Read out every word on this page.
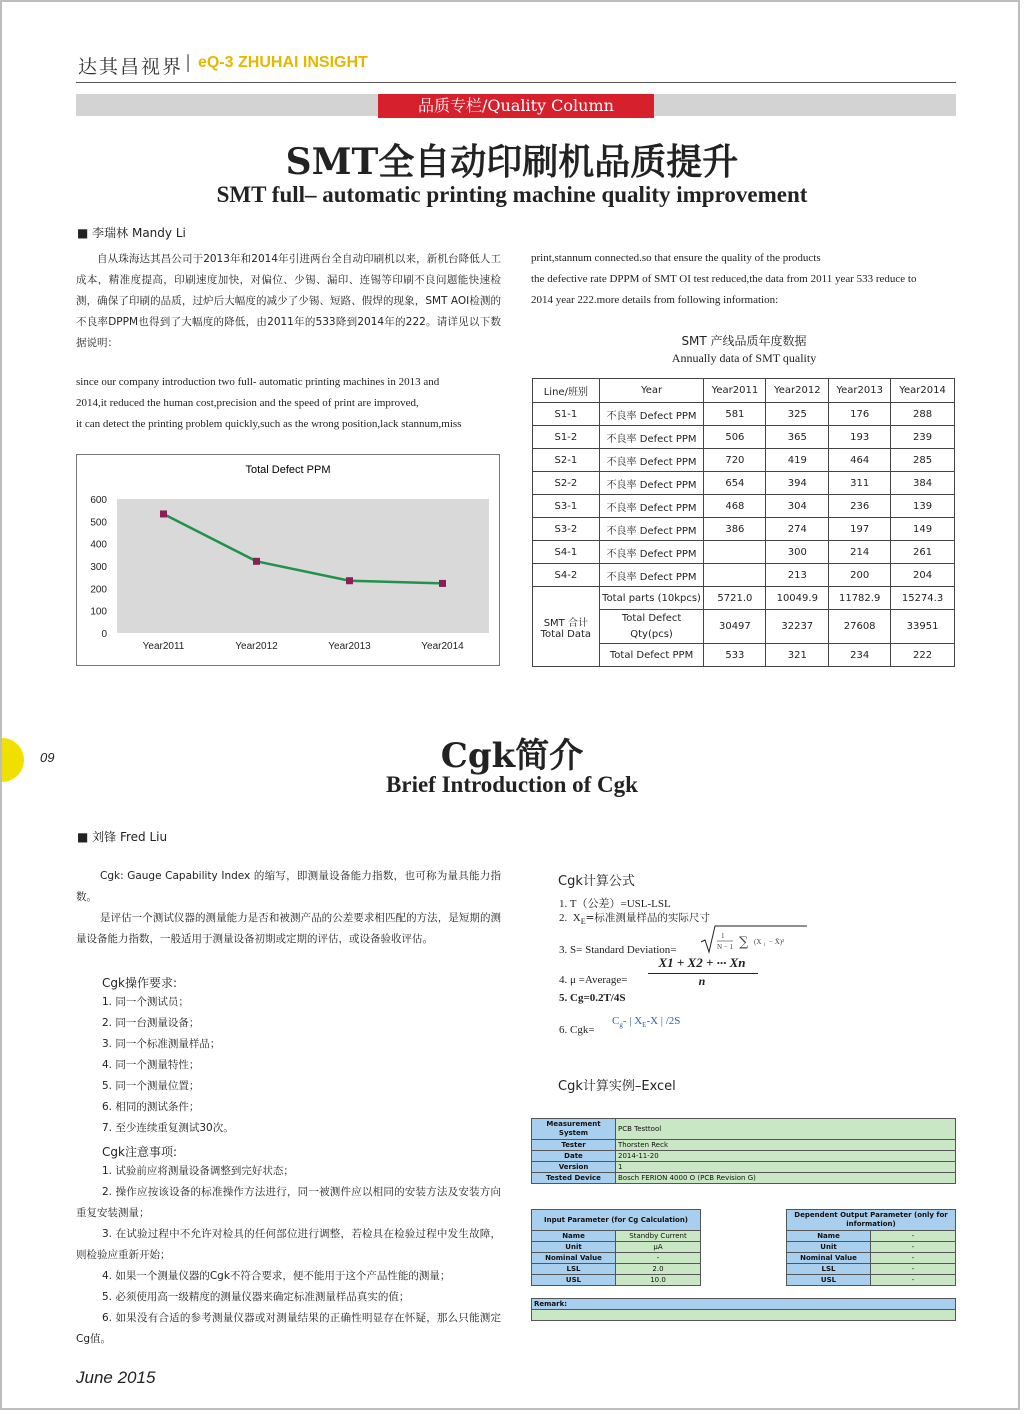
达其昌视界 | eQ-3 ZHUHAI INSIGHT
品质专栏/Quality Column
SMT全自动印刷机品质提升
SMT full– automatic printing machine quality improvement
■ 李瑞林 Mandy Li
自从珠海达其昌公司于2013年和2014年引进两台全自动印刷机以来，新机台降低人工成本，精准度提高，印刷速度加快，对偏位、少锡、漏印、连锡等印刷不良问题能快速检测，确保了印刷的品质，过炉后大幅度的减少了少锡、短路、假焊的现象，SMT AOI检测的不良率DPPM也得到了大幅度的降低，由2011年的533降到2014年的222。请详见以下数据说明：
since our company introduction two full- automatic printing machines in 2013 and
2014,it reduced the human cost,precision and the speed of print are improved,
it can detect the printing problem quickly,such as the wrong position,lack stannum,miss
print,stannum connected.so that ensure the quality of the products
the defective rate DPPM of SMT OI test reduced,the data from 2011 year 533 reduce to
2014 year 222.more details from following information:
Total Defect PPM
600
500
400
300
200
100
0
Year2011	Year2012	Year2013	Year2014
SMT 产线品质年度数据
Annually data of SMT quality
Line/班别	Year	Year2011	Year2012	Year2013	Year2014
S1-1	不良率 Defect PPM	581	325	176	288
S1-2	不良率 Defect PPM	506	365	193	239
S2-1	不良率 Defect PPM	720	419	464	285
S2-2	不良率 Defect PPM	654	394	311	384
S3-1	不良率 Defect PPM	468	304	236	139
S3-2	不良率 Defect PPM	386	274	197	149
S4-1	不良率 Defect PPM		300	214	261
S4-2	不良率 Defect PPM		213	200	204

SMT 合计
Total Data	Total parts (10kpcs)	5721.0	10049.9	11782.9	15274.3
	Total Defect Qty(pcs)	30497	32237	27608	33951
	Total Defect PPM	533	321	234	222
09	Cgk简介
Brief Introduction of Cgk
■ 刘锋 Fred Liu
Cgk: Gauge Capability Index 的缩写，即测量设备能力指数，也可称为量具能力指数。
是评估一个测试仪器的测量能力是否和被测产品的公差要求相匹配的方法，是短期的测量设备能力指数，一般适用于测量设备初期或定期的评估，或设备验收评估。
Cgk操作要求:
1. 同一个测试员；
2. 同一台测量设备；
3. 同一个标准测量样品；
4. 同一个测量特性；
5. 同一个测量位置；
6. 相同的测试条件；
7. 至少连续重复测试30次。
Cgk注意事项:
1. 试验前应将测量设备调整到完好状态；
2. 操作应按该设备的标准操作方法进行，同一被测件应以相同的安装方法及安装方向重复安装测量；
3. 在试验过程中不允许对检具的任何部位进行调整，若检具在检验过程中发生故障，则检验应重新开始；
4. 如果一个测量仪器的Cgk不符合要求，便不能用于这个产品性能的测量；
5. 必须使用高一级精度的测量仪器来确定标准测量样品真实的值；
6. 如果没有合适的参考测量仪器或对测量结果的正确性明显存在怀疑，那么只能测定Cg值。
Cgk计算公式
1. T（公差）=USL-LSL
2. $X_E=$标准测量样品的实际尺寸
3. S= Standard Deviation=
1
N − 1 ∑ (X i − X̄)²
4. μ =Average=
X1 + X2 + ··· Xn
n
5. Cg=0.2T/4S
6. Cgk=
$C_g-$ | $X_E-X$ | /2S
Cgk计算实例–Excel
Measurement System	PCB Testtool
Tester	Thorsten Reck
Date	2014-11-20
Version	1
Tested Device	Bosch FERION 4000 O (PCB Revision G)
Input Parameter (for Cg Calculation)	
Name	Standby Current
Unit	μA
Nominal Value	-
LSL	2.0
USL	10.0
Dependent Output Parameter (only for information)	
Name	-
Unit	-
Nominal Value	-
LSL	-
USL	-
Remark:

June 2015
